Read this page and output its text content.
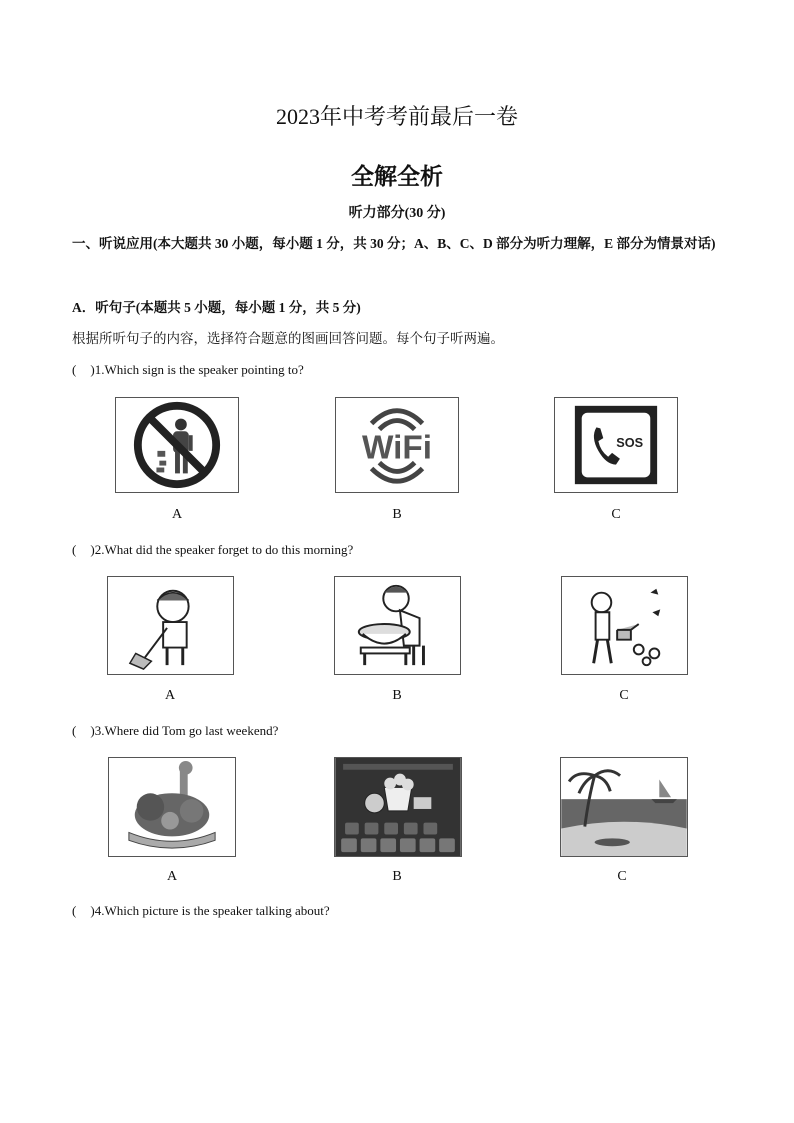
2023年中考考前最后一卷
全解全析
听力部分(30 分)
一、听说应用(本大题共 30 小题，每小题 1 分，共 30 分；A、B、C、D 部分为听力理解，E 部分为情景对话)
A．听句子(本题共 5 小题，每小题 1 分，共 5 分)
根据所听句子的内容，选择符合题意的图画回答问题。每个句子听两遍。
( )1.Which sign is the speaker pointing to?
WiFi	SOS
A	B	C
( )2.What did the speaker forget to do this morning?
A	B	C
( )3.Where did Tom go last weekend?
A	B	C
( )4.Which picture is the speaker talking about?
